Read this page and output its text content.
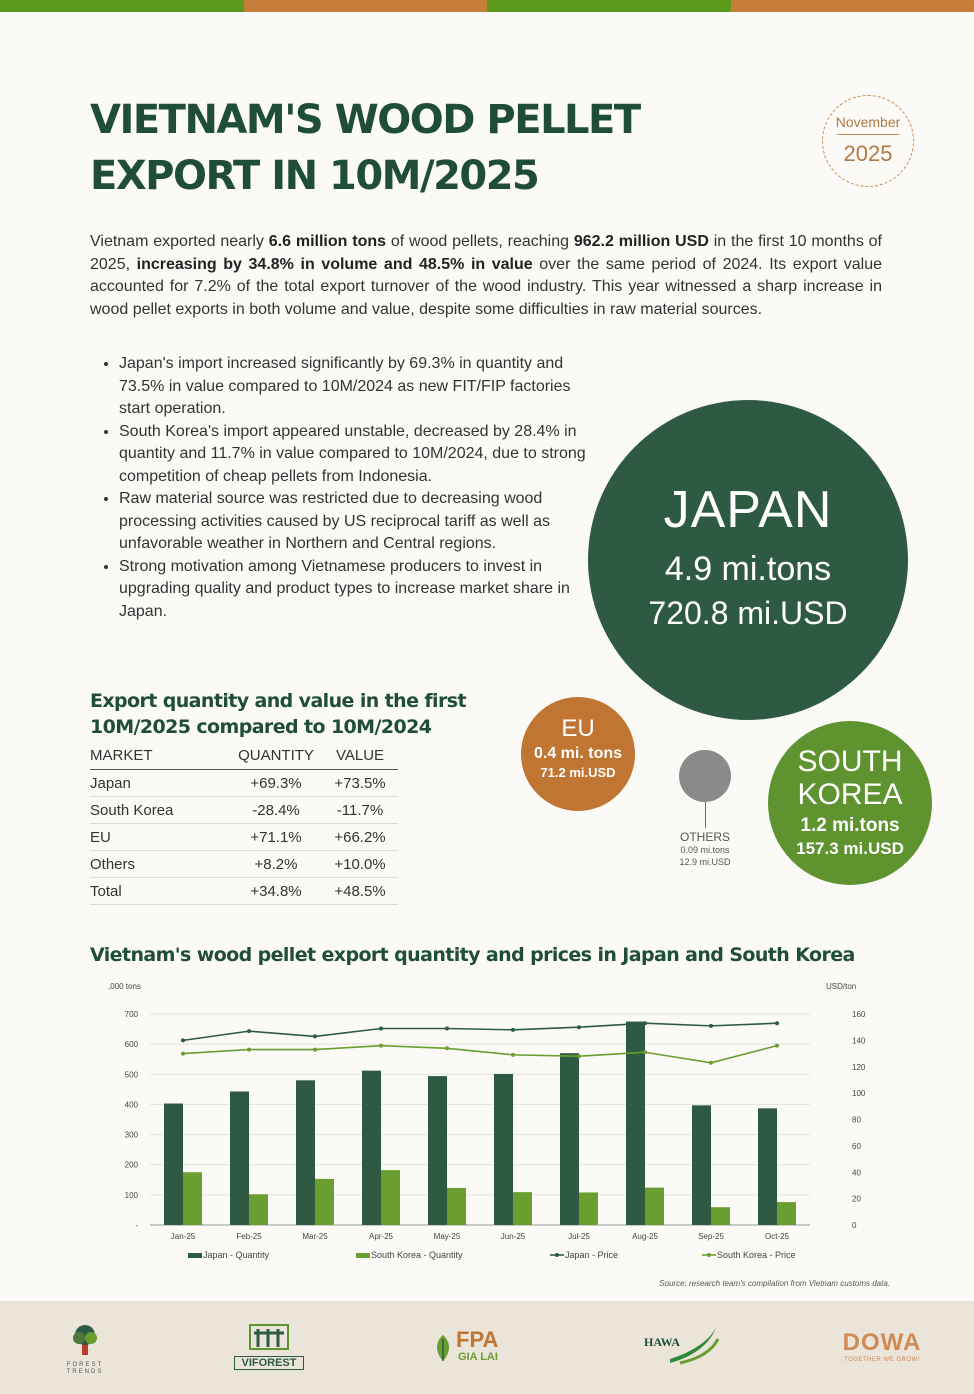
VIETNAM'S WOOD PELLET EXPORT IN 10M/2025
November
2025

Vietnam exported nearly 6.6 million tons of wood pellets, reaching 962.2 million USD in the first 10 months of 2025, increasing by 34.8% in volume and 48.5% in value over the same period of 2024. Its export value accounted for 7.2% of the total export turnover of the wood industry. This year witnessed a sharp increase in wood pellet exports in both volume and value, despite some difficulties in raw material sources.

• Japan's import increased significantly by 69.3% in quantity and 73.5% in value compared to 10M/2024 as new FIT/FIP factories start operation.
• South Korea's import appeared unstable, decreased by 28.4% in quantity and 11.7% in value compared to 10M/2024, due to strong competition of cheap pellets from Indonesia.
• Raw material source was restricted due to decreasing wood processing activities caused by US reciprocal tariff as well as unfavorable weather in Northern and Central regions.
• Strong motivation among Vietnamese producers to invest in upgrading quality and product types to increase market share in Japan.
JAPAN
4.9 mi.tons
720.8 mi.USD
EU
0.4 mi. tons
71.2 mi.USD
OTHERS
0.09 mi.tons
12.9 mi.USD
SOUTH KOREA
1.2 mi.tons
157.3 mi.USD
Export quantity and value in the first 10M/2025 compared to 10M/2024
MARKET	QUANTITY	VALUE
Japan	+69.3%	+73.5%
South Korea	-28.4%	-11.7%
EU	+71.1%	+66.2%
Others	+8.2%	+10.0%
Total	+34.8%	+48.5%
Vietnam's wood pellet export quantity and prices in Japan and South Korea
,000 tons	USD/ton
-
100
200
300
400
500
600
700
0
20
40
60
80
100
120
140
160
Jan-25	Feb-25	Mar-25	Apr-25	May-25	Jun-25	Jul-25	Aug-25	Sep-25	Oct-25
Japan - Quantity	South Korea - Quantity	Japan - Price	South Korea - Price
Source: research team's compilation from Vietnam customs data.
FOREST TRENDS
VIFOREST
FPA
GIA LAI
HAWA	DOWA
TOGETHER WE GROW!
